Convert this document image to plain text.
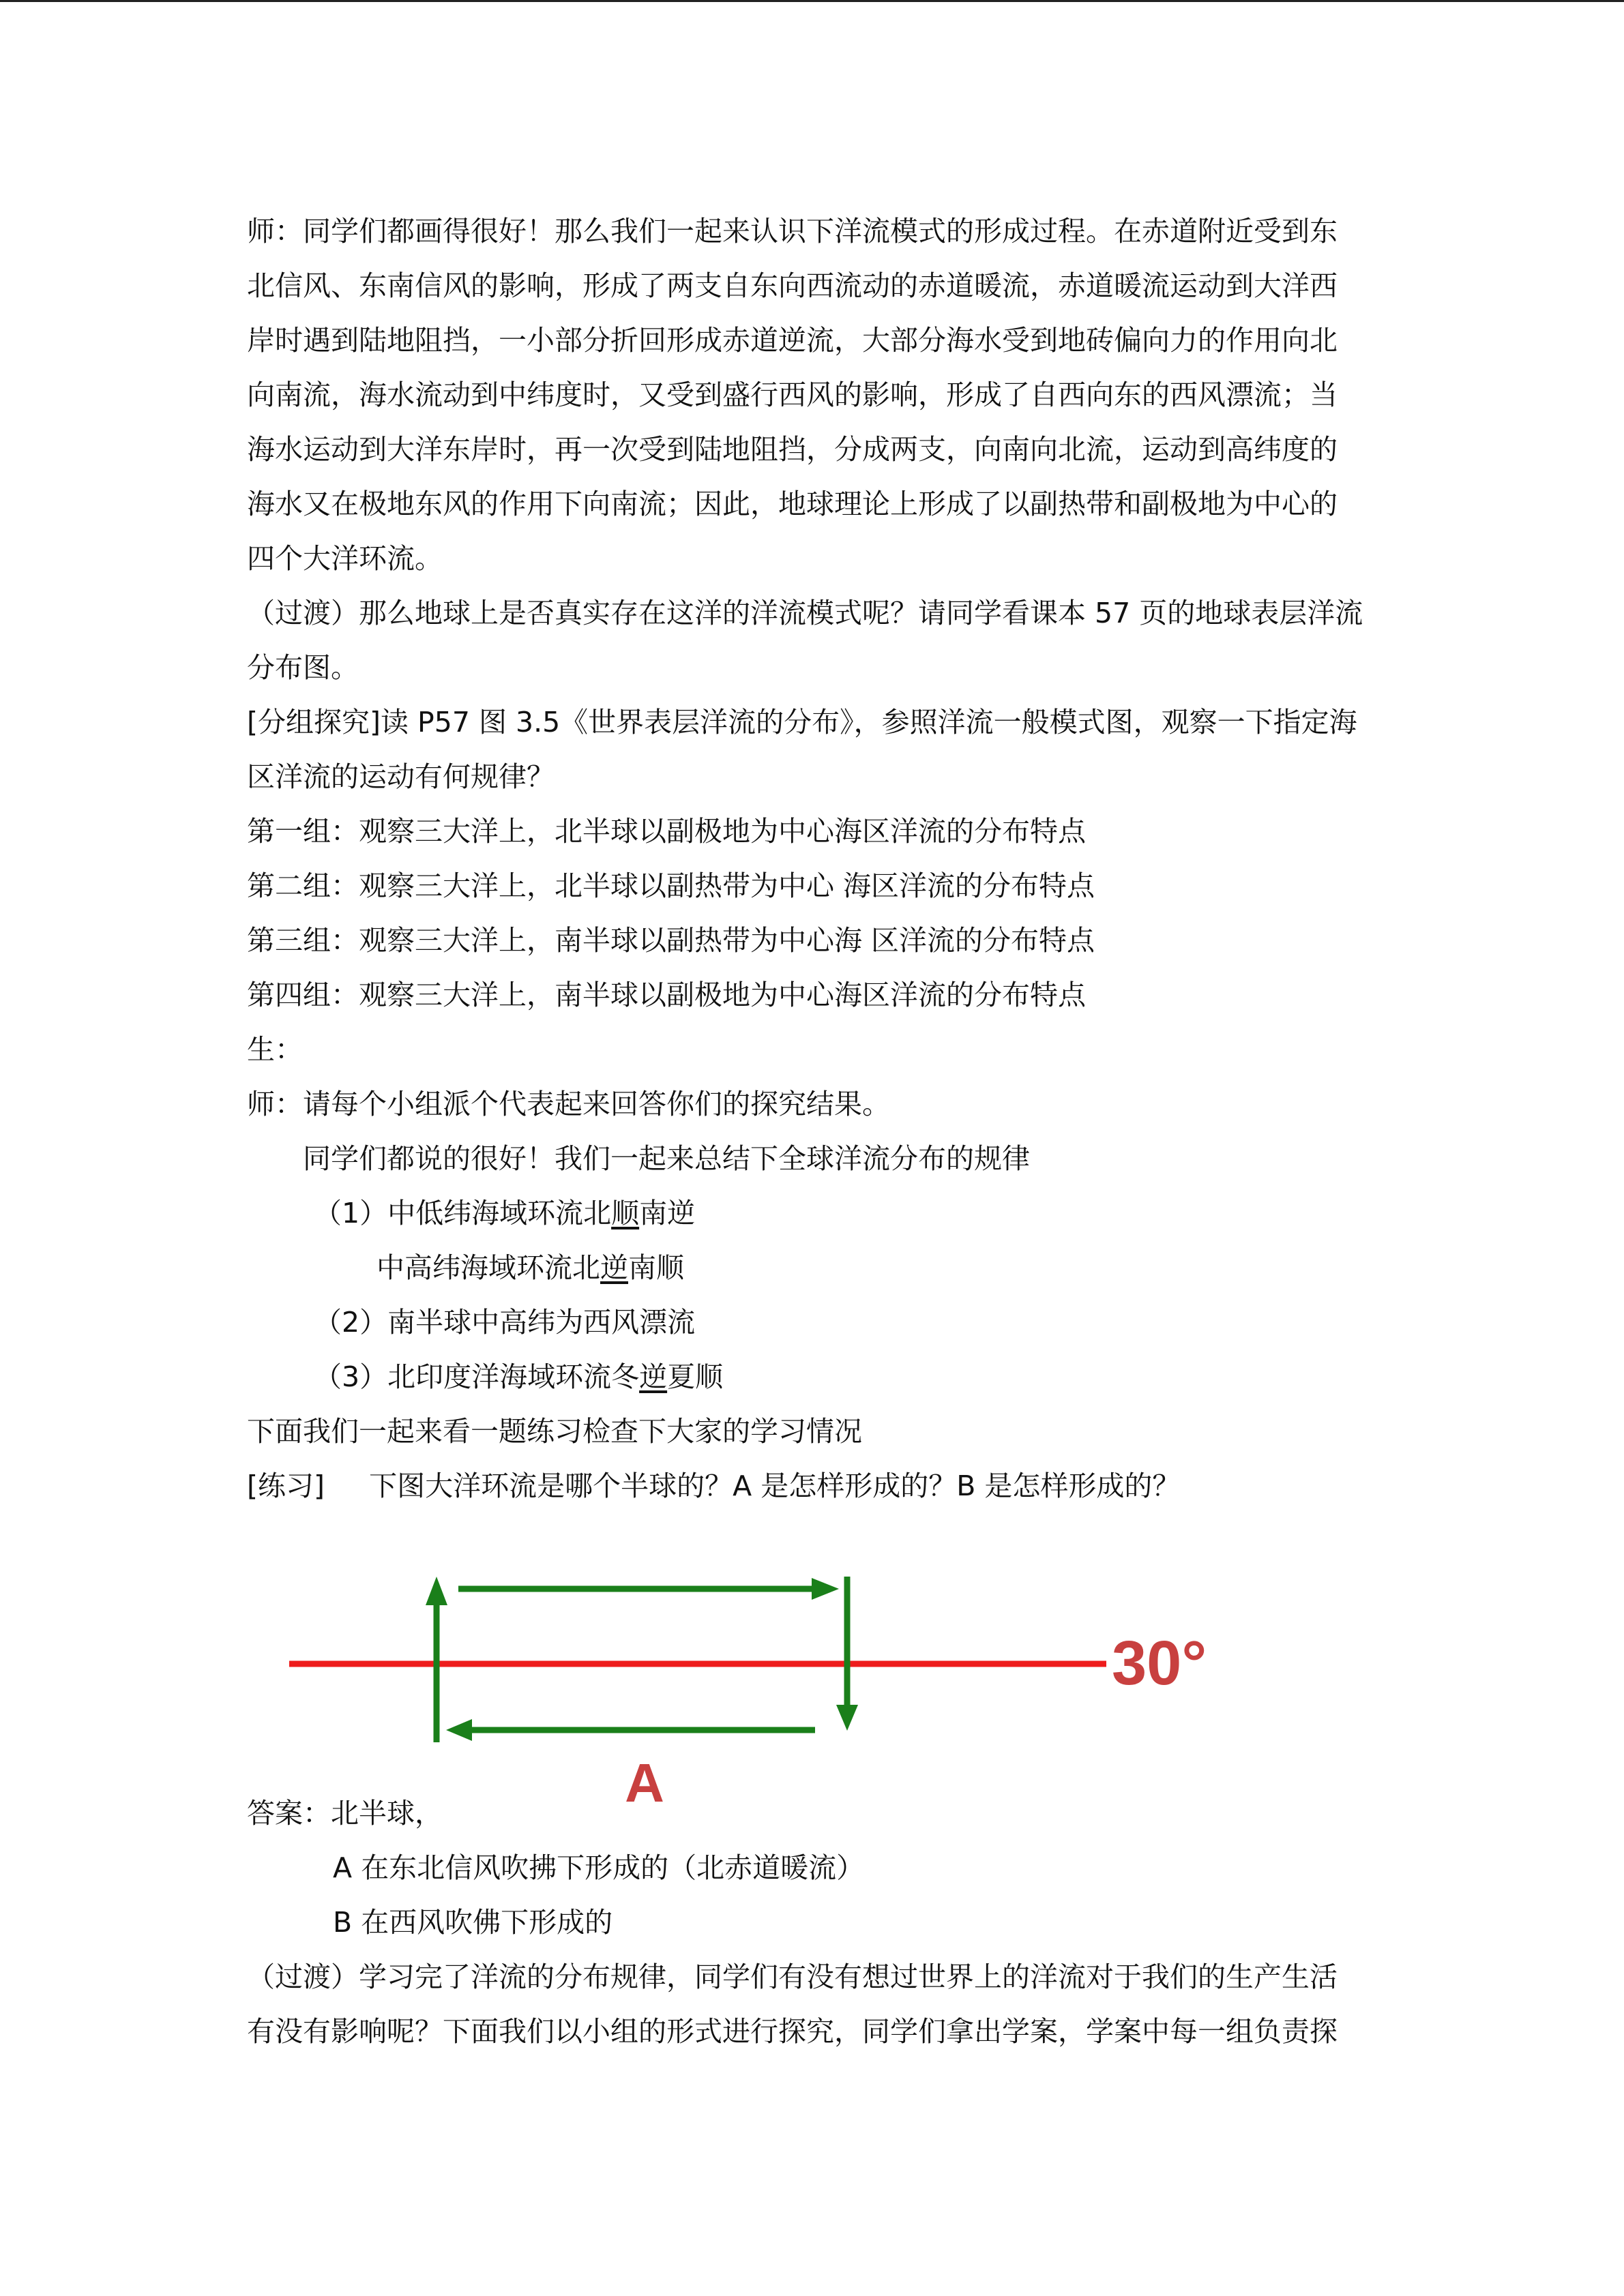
师：同学们都画得很好！那么我们一起来认识下洋流模式的形成过程。在赤道附近受到东
北信风、东南信风的影响，形成了两支自东向西流动的赤道暖流，赤道暖流运动到大洋西
岸时遇到陆地阻挡，一小部分折回形成赤道逆流，大部分海水受到地砖偏向力的作用向北
向南流，海水流动到中纬度时，又受到盛行西风的影响，形成了自西向东的西风漂流；当
海水运动到大洋东岸时，再一次受到陆地阻挡，分成两支，向南向北流，运动到高纬度的
海水又在极地东风的作用下向南流；因此，地球理论上形成了以副热带和副极地为中心的
四个大洋环流。
（过渡）那么地球上是否真实存在这洋的洋流模式呢？请同学看课本 57 页的地球表层洋流
分布图。
[分组探究]读 P57 图 3.5《世界表层洋流的分布》，参照洋流一般模式图，观察一下指定海
区洋流的运动有何规律？
第一组：观察三大洋上，北半球以副极地为中心海区洋流的分布特点
第二组：观察三大洋上，北半球以副热带为中心 海区洋流的分布特点
第三组：观察三大洋上，南半球以副热带为中心海 区洋流的分布特点
第四组：观察三大洋上，南半球以副极地为中心海区洋流的分布特点
生：
师：请每个小组派个代表起来回答你们的探究结果。
同学们都说的很好！我们一起来总结下全球洋流分布的规律
（1）中低纬海域环流北顺南逆
中高纬海域环流北逆南顺
（2）南半球中高纬为西风漂流
（3）北印度洋海域环流冬逆夏顺
下面我们一起来看一题练习检查下大家的学习情况
[练习]     下图大洋环流是哪个半球的？A 是怎样形成的？B 是怎样形成的？
30°
A
答案：北半球，
A 在东北信风吹拂下形成的（北赤道暖流）
B 在西风吹佛下形成的
（过渡）学习完了洋流的分布规律，同学们有没有想过世界上的洋流对于我们的生产生活
有没有影响呢？下面我们以小组的形式进行探究，同学们拿出学案，学案中每一组负责探
